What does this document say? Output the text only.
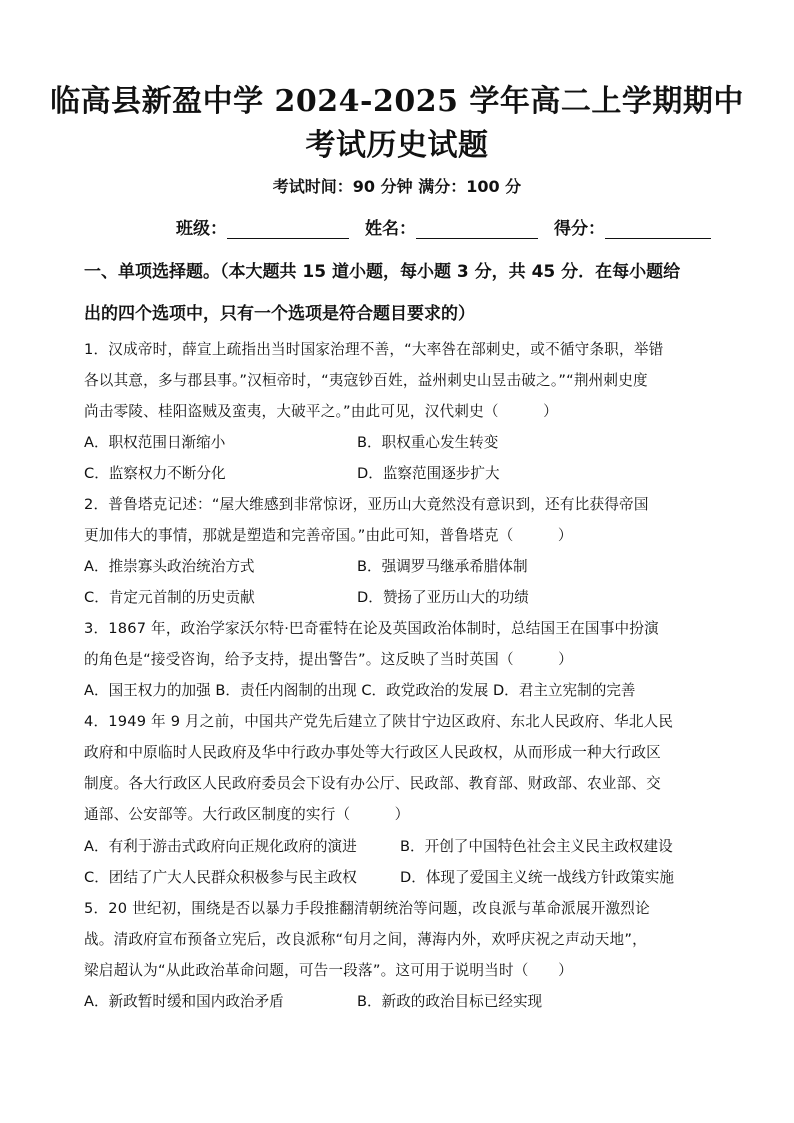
临高县新盈中学 2024-2025 学年高二上学期期中
考试历史试题
考试时间：90 分钟 满分：100 分
班级：	姓名：	得分：
一、单项选择题。（本大题共 15 道小题，每小题 3 分，共 45 分．在每小题给
出的四个选项中，只有一个选项是符合题目要求的）
1．汉成帝时，薛宣上疏指出当时国家治理不善，“大率咎在部刺史，或不循守条职，举错
各以其意，多与郡县事。”汉桓帝时，“夷寇钞百姓，益州刺史山昱击破之。”“荆州刺史度
尚击零陵、桂阳盗贼及蛮夷，大破平之。”由此可见，汉代刺史（　　　）
A．职权范围日渐缩小	B．职权重心发生转变
C．监察权力不断分化	D．监察范围逐步扩大
2．普鲁塔克记述：“屋大维感到非常惊讶，亚历山大竟然没有意识到，还有比获得帝国
更加伟大的事情，那就是塑造和完善帝国。”由此可知，普鲁塔克（　　　）
A．推崇寡头政治统治方式	B．强调罗马继承希腊体制
C．肯定元首制的历史贡献	D．赞扬了亚历山大的功绩
3．1867 年，政治学家沃尔特·巴奇霍特在论及英国政治体制时，总结国王在国事中扮演
的角色是“接受咨询，给予支持，提出警告”。这反映了当时英国（　　　）
A．国王权力的加强 B．责任内阁制的出现 C．政党政治的发展 D．君主立宪制的完善
4．1949 年 9 月之前，中国共产党先后建立了陕甘宁边区政府、东北人民政府、华北人民
政府和中原临时人民政府及华中行政办事处等大行政区人民政权，从而形成一种大行政区
制度。各大行政区人民政府委员会下设有办公厅、民政部、教育部、财政部、农业部、交
通部、公安部等。大行政区制度的实行（　　　）
A．有利于游击式政府向正规化政府的演进	B．开创了中国特色社会主义民主政权建设
C．团结了广大人民群众积极参与民主政权	D．体现了爱国主义统一战线方针政策实施
5．20 世纪初，围绕是否以暴力手段推翻清朝统治等问题，改良派与革命派展开激烈论
战。清政府宣布预备立宪后，改良派称“旬月之间，薄海内外，欢呼庆祝之声动天地”，
梁启超认为“从此政治革命问题，可告一段落”。这可用于说明当时（　　）
A．新政暂时缓和国内政治矛盾	B．新政的政治目标已经实现
